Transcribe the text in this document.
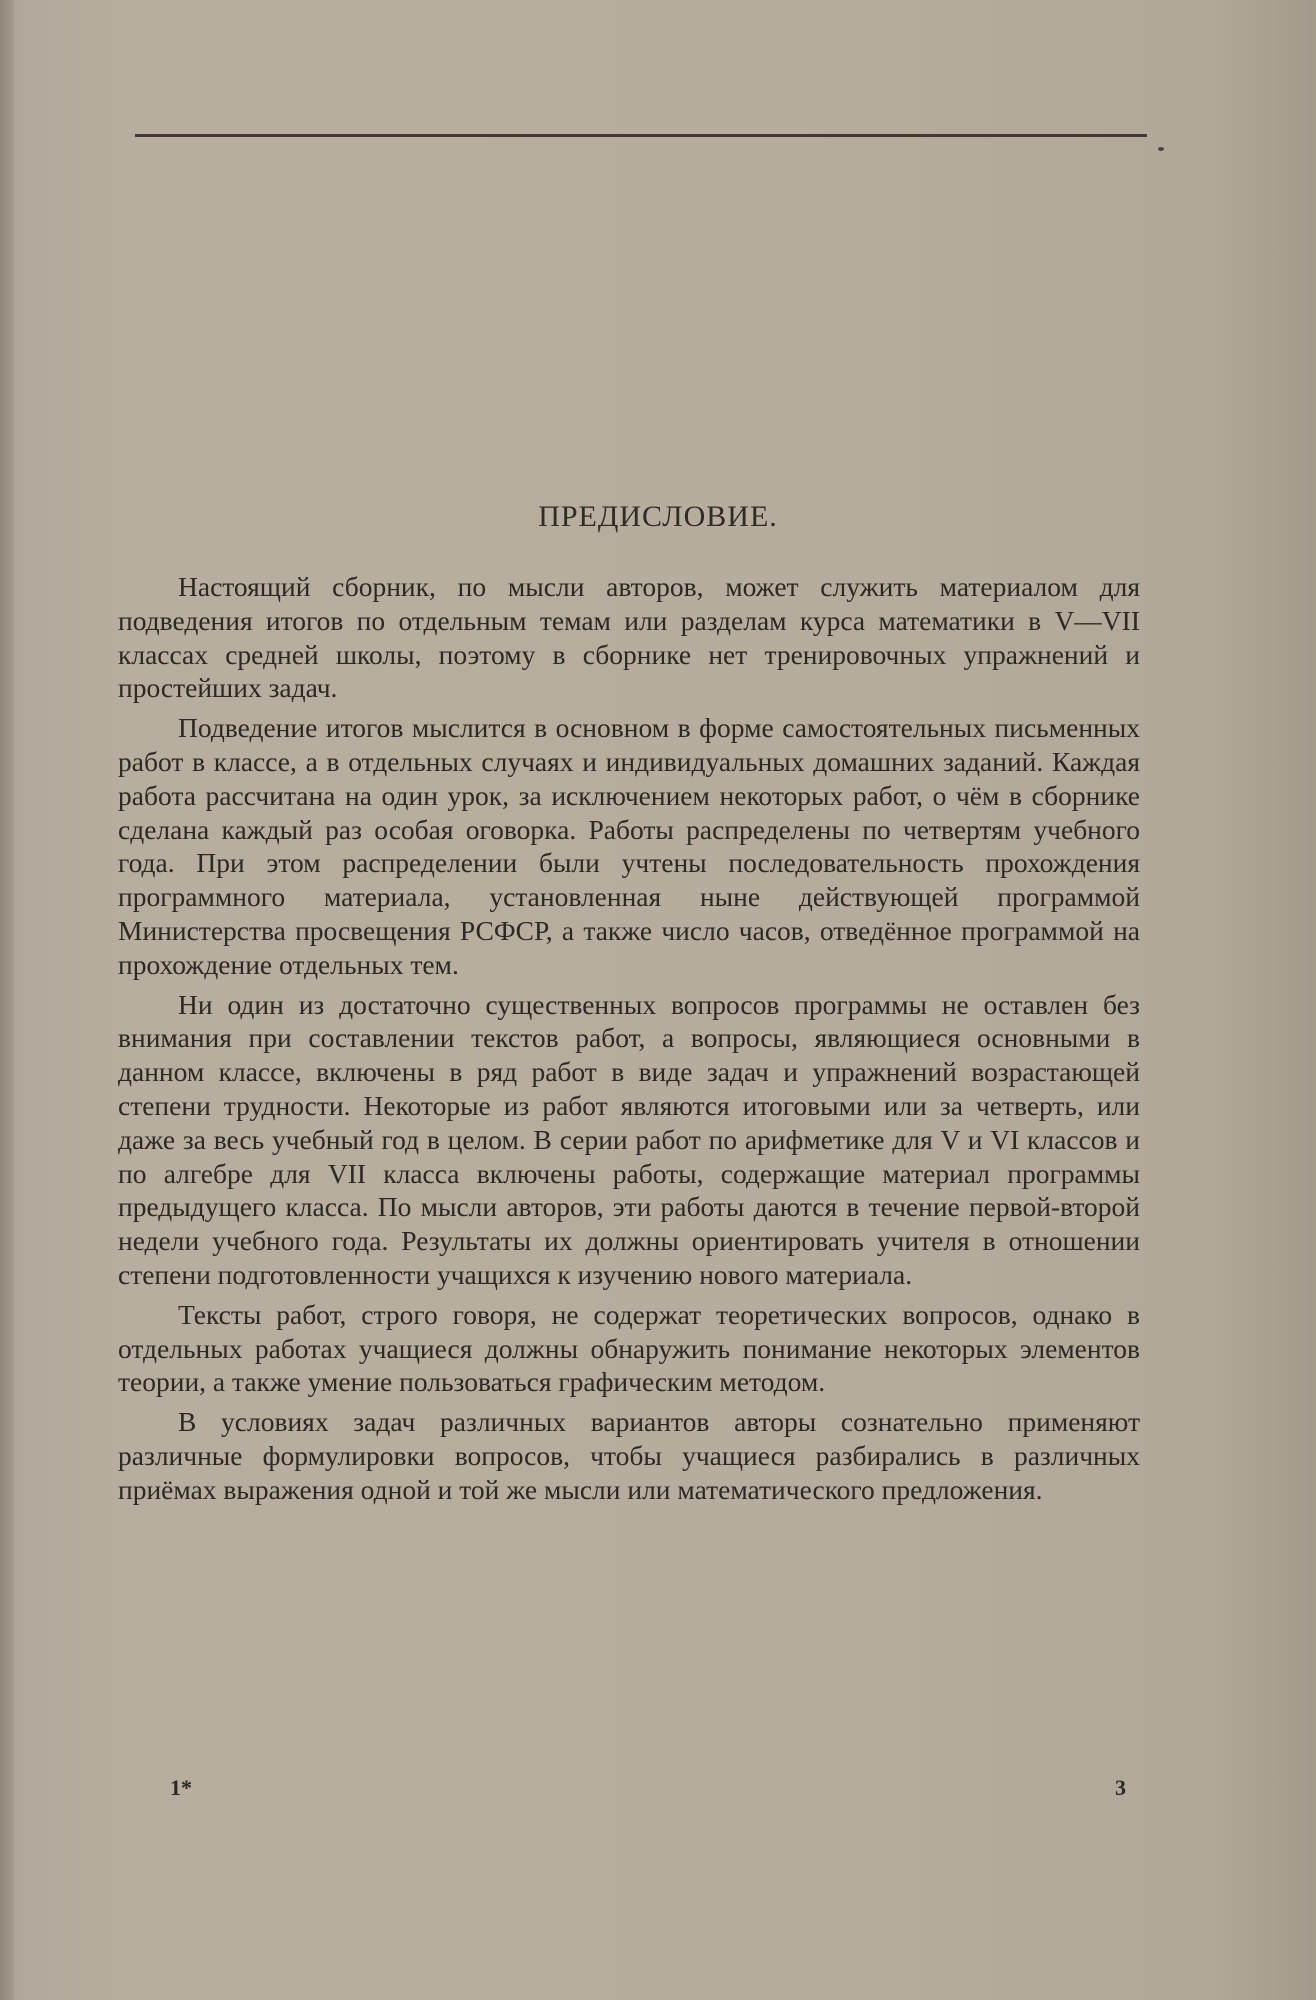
ПРЕДИСЛОВИЕ.

Настоящий сборник, по мысли авторов, может служить материалом для подведения итогов по отдельным темам или разделам курса математики в V—VII классах средней школы, поэтому в сборнике нет тренировочных упражнений и простейших задач.

Подведение итогов мыслится в основном в форме самостоятельных письменных работ в классе, а в отдельных случаях и индивидуальных домашних заданий. Каждая работа рассчитана на один урок, за исключением некоторых работ, о чём в сборнике сделана каждый раз особая оговорка. Работы распределены по четвертям учебного года. При этом распределении были учтены последовательность прохождения программного материала, установленная ныне действующей программой Министерства просвещения РСФСР, а также число часов, отведённое программой на прохождение отдельных тем.

Ни один из достаточно существенных вопросов программы не оставлен без внимания при составлении текстов работ, а вопросы, являющиеся основными в данном классе, включены в ряд работ в виде задач и упражнений возрастающей степени трудности. Некоторые из работ являются итоговыми или за четверть, или даже за весь учебный год в целом. В серии работ по арифметике для V и VI классов и по алгебре для VII класса включены работы, содержащие материал программы предыдущего класса. По мысли авторов, эти работы даются в течение первой-второй недели учебного года. Результаты их должны ориентировать учителя в отношении степени подготовленности учащихся к изучению нового материала.

Тексты работ, строго говоря, не содержат теоретических вопросов, однако в отдельных работах учащиеся должны обнаружить понимание некоторых элементов теории, а также умение пользоваться графическим методом.

В условиях задач различных вариантов авторы сознательно применяют различные формулировки вопросов, чтобы учащиеся разбирались в различных приёмах выражения одной и той же мысли или математического предложения.

1*	3
